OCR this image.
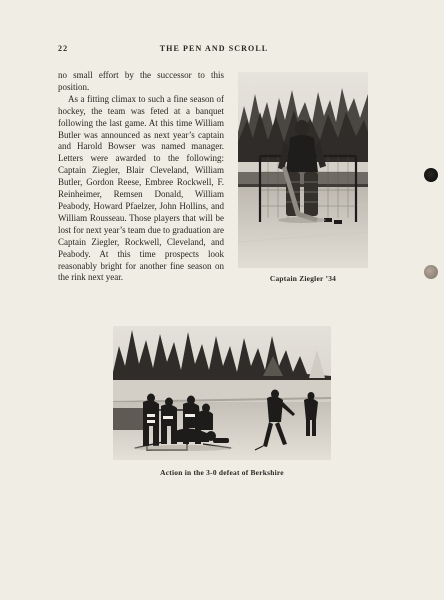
22	THE PEN AND SCROLL

no small effort by the successor to this position.

As a fitting climax to such a fine season of hockey, the team was feted at a banquet following the last game. At this time William Butler was announced as next year’s captain and Harold Bowser was named manager. Letters were awarded to the following: Captain Ziegler, Blair Cleveland, William Butler, Gordon Reese, Embree Rockwell, F. Reinheimer, Remsen Donald, William Peabody, Howard Pfaelzer, John Hollins, and William Rousseau. Those players that will be lost for next year’s team due to graduation are Captain Ziegler, Rockwell, Cleveland, and Peabody. At this time prospects look reasonably bright for another fine season on the rink next year.	Captain Ziegler ’34
Action in the 3-0 defeat of Berkshire
